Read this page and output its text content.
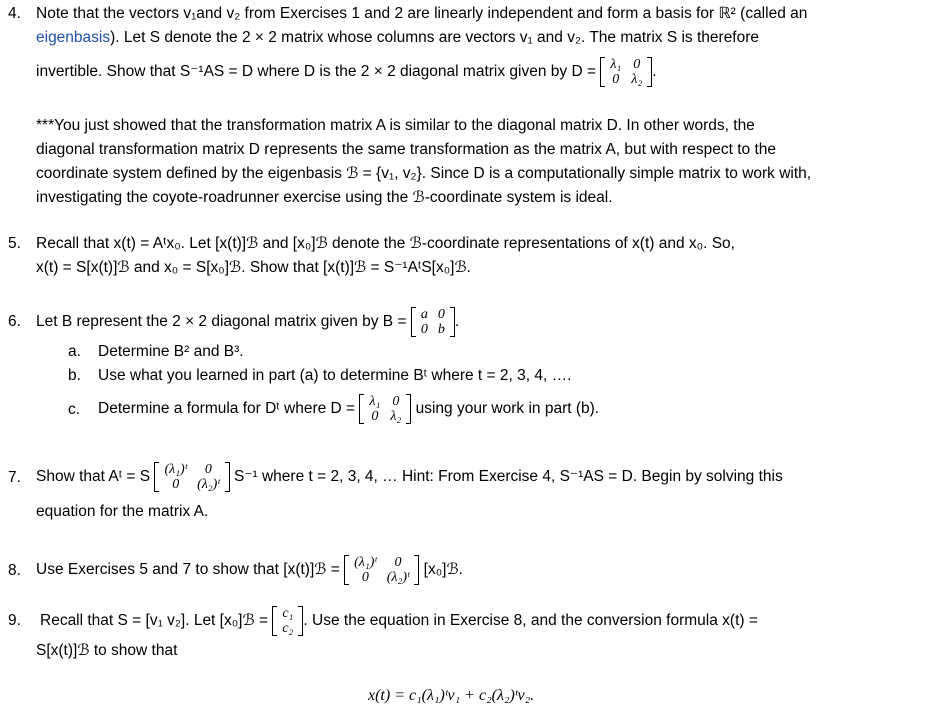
4. Note that the vectors v₁and v₂ from Exercises 1 and 2 are linearly independent and form a basis for ℝ² (called an
eigenbasis). Let S denote the 2 × 2 matrix whose columns are vectors v₁ and v₂. The matrix S is therefore
invertible. Show that S⁻¹AS = D where D is the 2 × 2 diagonal matrix given by D = λ₁	0
0	λ₂ .
***You just showed that the transformation matrix A is similar to the diagonal matrix D. In other words, the
diagonal transformation matrix D represents the same transformation as the matrix A, but with respect to the
coordinate system defined by the eigenbasis ℬ = {v₁, v₂}. Since D is a computationally simple matrix to work with,
investigating the coyote-roadrunner exercise using the ℬ-coordinate system is ideal.
5. Recall that x(t) = Aᵗx₀. Let [x(t)]ℬ and [x₀]ℬ denote the ℬ-coordinate representations of x(t) and x₀. So,
x(t) = S[x(t)]ℬ and x₀ = S[x₀]ℬ. Show that [x(t)]ℬ = S⁻¹AᵗS[x₀]ℬ.
6. Let B represent the 2 × 2 diagonal matrix given by B = a	0
0	b .
a. Determine B² and B³.
b. Use what you learned in part (a) to determine Bᵗ where t = 2, 3, 4, ….
c. Determine a formula for Dᵗ where D = λ₁	0
0	λ₂ using your work in part (b).
7. Show that Aᵗ = S (λ₁)ᵗ	0
0	(λ₂)ᵗ S⁻¹ where t = 2, 3, 4, … Hint: From Exercise 4, S⁻¹AS = D. Begin by solving this
equation for the matrix A.
8. Use Exercises 5 and 7 to show that [x(t)]ℬ = (λ₁)ᵗ	0
0	(λ₂)ᵗ [x₀]ℬ.
9. Recall that S = [v₁ v₂]. Let [x₀]ℬ = c₁
c₂ . Use the equation in Exercise 8, and the conversion formula x(t) =
S[x(t)]ℬ to show that
x(t) = c₁(λ₁)ᵗv₁ + c₂(λ₂)ᵗv₂.
